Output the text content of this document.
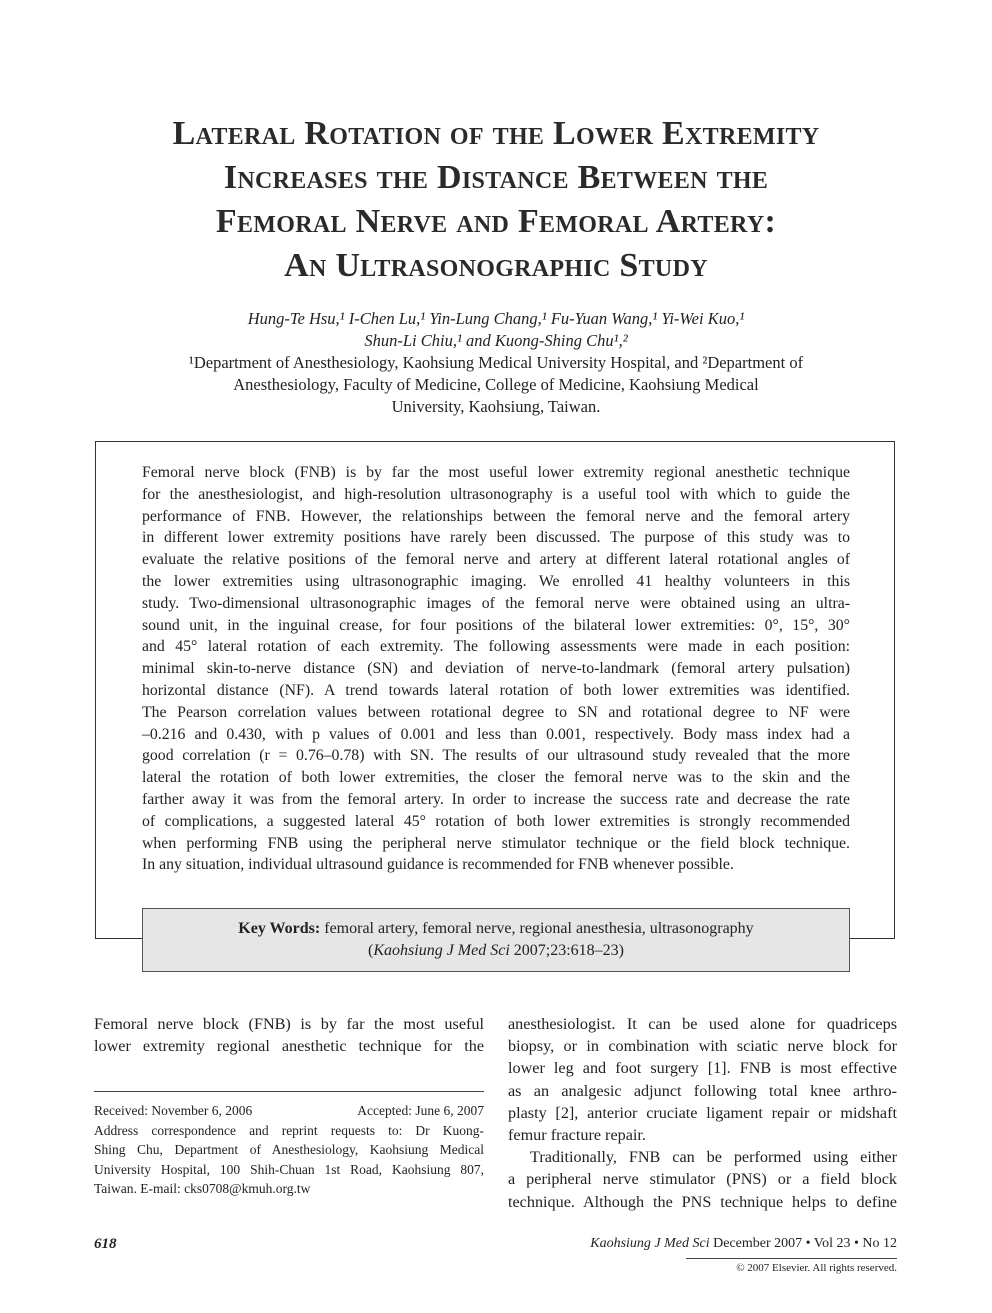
Lateral Rotation of the Lower Extremity
Increases the Distance Between the
Femoral Nerve and Femoral Artery:
An Ultrasonographic Study
Hung-Te Hsu,¹ I-Chen Lu,¹ Yin-Lung Chang,¹ Fu-Yuan Wang,¹ Yi-Wei Kuo,¹
Shun-Li Chiu,¹ and Kuong-Shing Chu¹,²
¹Department of Anesthesiology, Kaohsiung Medical University Hospital, and ²Department of
Anesthesiology, Faculty of Medicine, College of Medicine, Kaohsiung Medical
University, Kaohsiung, Taiwan.
Femoral nerve block (FNB) is by far the most useful lower extremity regional anesthetic technique
for the anesthesiologist, and high-resolution ultrasonography is a useful tool with which to guide the
performance of FNB. However, the relationships between the femoral nerve and the femoral artery
in different lower extremity positions have rarely been discussed. The purpose of this study was to
evaluate the relative positions of the femoral nerve and artery at different lateral rotational angles of
the lower extremities using ultrasonographic imaging. We enrolled 41 healthy volunteers in this
study. Two-dimensional ultrasonographic images of the femoral nerve were obtained using an ultra-
sound unit, in the inguinal crease, for four positions of the bilateral lower extremities: 0°, 15°, 30°
and 45° lateral rotation of each extremity. The following assessments were made in each position:
minimal skin-to-nerve distance (SN) and deviation of nerve-to-landmark (femoral artery pulsation)
horizontal distance (NF). A trend towards lateral rotation of both lower extremities was identified.
The Pearson correlation values between rotational degree to SN and rotational degree to NF were
–0.216 and 0.430, with p values of 0.001 and less than 0.001, respectively. Body mass index had a
good correlation (r = 0.76–0.78) with SN. The results of our ultrasound study revealed that the more
lateral the rotation of both lower extremities, the closer the femoral nerve was to the skin and the
farther away it was from the femoral artery. In order to increase the success rate and decrease the rate
of complications, a suggested lateral 45° rotation of both lower extremities is strongly recommended
when performing FNB using the peripheral nerve stimulator technique or the field block technique.
In any situation, individual ultrasound guidance is recommended for FNB whenever possible.
Key Words: femoral artery, femoral nerve, regional anesthesia, ultrasonography
(Kaohsiung J Med Sci 2007;23:618–23)
Femoral nerve block (FNB) is by far the most useful
lower extremity regional anesthetic technique for the
anesthesiologist. It can be used alone for quadriceps
biopsy, or in combination with sciatic nerve block for
lower leg and foot surgery [1]. FNB is most effective
as an analgesic adjunct following total knee arthro-
plasty [2], anterior cruciate ligament repair or midshaft
femur fracture repair.
Traditionally, FNB can be performed using either
a peripheral nerve stimulator (PNS) or a field block
technique. Although the PNS technique helps to define
Received: November 6, 2006	Accepted: June 6, 2007
Address correspondence and reprint requests to: Dr Kuong-
Shing Chu, Department of Anesthesiology, Kaohsiung Medical
University Hospital, 100 Shih-Chuan 1st Road, Kaohsiung 807,
Taiwan. E-mail: cks0708@kmuh.org.tw
618	Kaohsiung J Med Sci December 2007 • Vol 23 • No 12
© 2007 Elsevier. All rights reserved.
